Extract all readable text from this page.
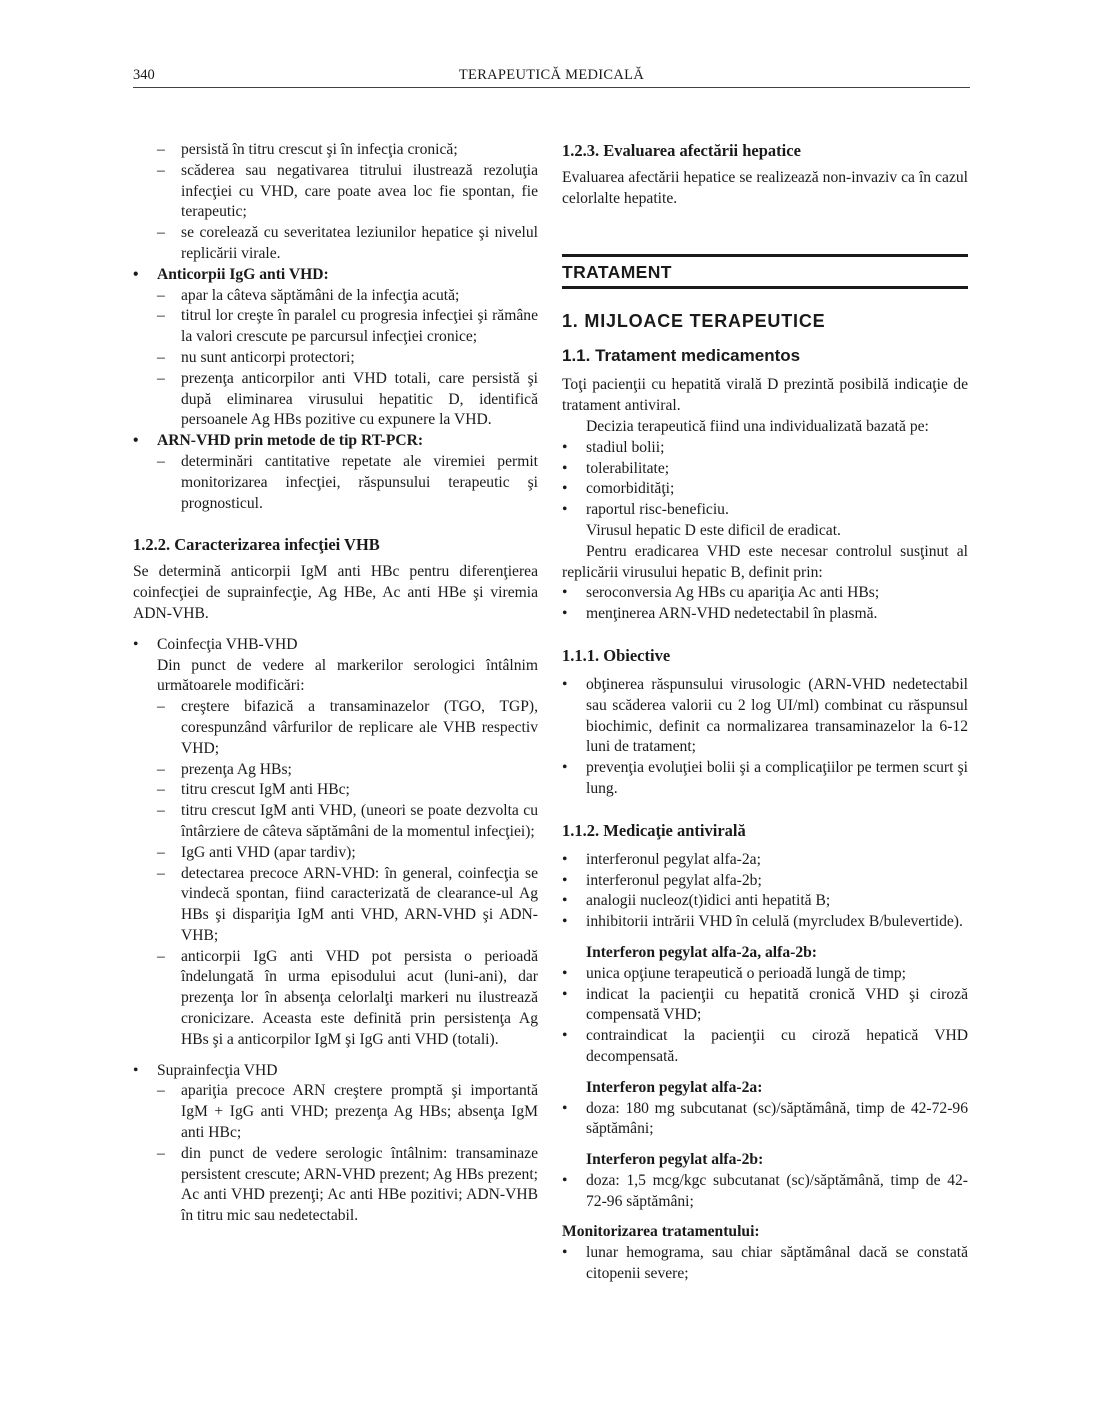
340	TERAPEUTICĂ MEDICALĂ
– persistă în titru crescut şi în infecţia cronică;
– scăderea sau negativarea titrului ilustrează rezoluţia infecţiei cu VHD, care poate avea loc fie spontan, fie terapeutic;
– se corelează cu severitatea leziunilor hepatice şi nivelul replicării virale.
• Anticorpii IgG anti VHD:
– apar la câteva săptămâni de la infecţia acută;
– titrul lor creşte în paralel cu progresia infecţiei şi rămâne la valori crescute pe parcursul infecţiei cronice;
– nu sunt anticorpi protectori;
– prezenţa anticorpilor anti VHD totali, care persistă şi după eliminarea virusului hepatitic D, identifică persoanele Ag HBs pozitive cu expunere la VHD.
• ARN-VHD prin metode de tip RT-PCR:
– determinări cantitative repetate ale viremiei permit monitorizarea infecţiei, răspunsului terapeutic şi prognosticul.
1.2.2. Caracterizarea infecţiei VHB

Se determină anticorpii IgM anti HBc pentru diferenţierea coinfecţiei de suprainfecţie, Ag HBe, Ac anti HBe şi viremia ADN-VHB.

• Coinfecţia VHB-VHD

Din punct de vedere al markerilor serologici întâlnim următoarele modificări:

– creştere bifazică a transaminazelor (TGO, TGP), corespunzând vârfurilor de replicare ale VHB respectiv VHD;
– prezenţa Ag HBs;
– titru crescut IgM anti HBc;
– titru crescut IgM anti VHD, (uneori se poate dezvolta cu întârziere de câteva săptămâni de la momentul infecţiei);
– IgG anti VHD (apar tardiv);
– detectarea precoce ARN-VHD: în general, coinfecţia se vindecă spontan, fiind caracterizată de clearance-ul Ag HBs şi dispariţia IgM anti VHD, ARN-VHD şi ADN-VHB;
– anticorpii IgG anti VHD pot persista o perioadă îndelungată în urma episodului acut (luni-ani), dar prezenţa lor în absenţa celorlalţi markeri nu ilustrează cronicizare. Aceasta este definită prin persistenţa Ag HBs şi a anticorpilor IgM şi IgG anti VHD (totali).
• Suprainfecţia VHD
– apariţia precoce ARN creştere promptă şi importantă IgM + IgG anti VHD; prezenţa Ag HBs; absenţa IgM anti HBc;
– din punct de vedere serologic întâlnim: transaminaze persistent crescute; ARN-VHD prezent; Ag HBs prezent; Ac anti VHD prezenţi; Ac anti HBe pozitivi; ADN-VHB în titru mic sau nedetectabil.
1.2.3. Evaluarea afectării hepatice

Evaluarea afectării hepatice se realizează non-invaziv ca în cazul celorlalte hepatite.

TRATAMENT
1. MIJLOACE TERAPEUTICE
1.1. Tratament medicamentos

Toţi pacienţii cu hepatită virală D prezintă posibilă indicaţie de tratament antiviral.

Decizia terapeutică fiind una individualizată bazată pe:

• stadiul bolii;
• tolerabilitate;
• comorbidităţi;
• raportul risc-beneficiu.

Virusul hepatic D este dificil de eradicat.

Pentru eradicarea VHD este necesar controlul susţinut al replicării virusului hepatic B, definit prin:

• seroconversia Ag HBs cu apariţia Ac anti HBs;
• menţinerea ARN-VHD nedetectabil în plasmă.
1.1.1. Obiective
• obţinerea răspunsului virusologic (ARN-VHD nedetectabil sau scăderea valorii cu 2 log UI/ml) combinat cu răspunsul biochimic, definit ca normalizarea transaminazelor la 6-12 luni de tratament;
• prevenţia evoluţiei bolii şi a complicaţiilor pe termen scurt şi lung.
1.1.2. Medicaţie antivirală
• interferonul pegylat alfa-2a;
• interferonul pegylat alfa-2b;
• analogii nucleoz(t)idici anti hepatită B;
• inhibitorii intrării VHD în celulă (myrcludex B/bulevertide).
Interferon pegylat alfa-2a, alfa-2b:
• unica opţiune terapeutică o perioadă lungă de timp;
• indicat la pacienţii cu hepatită cronică VHD şi ciroză compensată VHD;
• contraindicat la pacienţii cu ciroză hepatică VHD decompensată.
Interferon pegylat alfa-2a:
• doza: 180 mg subcutanat (sc)/săptămână, timp de 42-72-96 săptămâni;
Interferon pegylat alfa-2b:
• doza: 1,5 mcg/kgc subcutanat (sc)/săptămână, timp de 42-72-96 săptămâni;
Monitorizarea tratamentului:
• lunar hemograma, sau chiar săptămânal dacă se constată citopenii severe;
